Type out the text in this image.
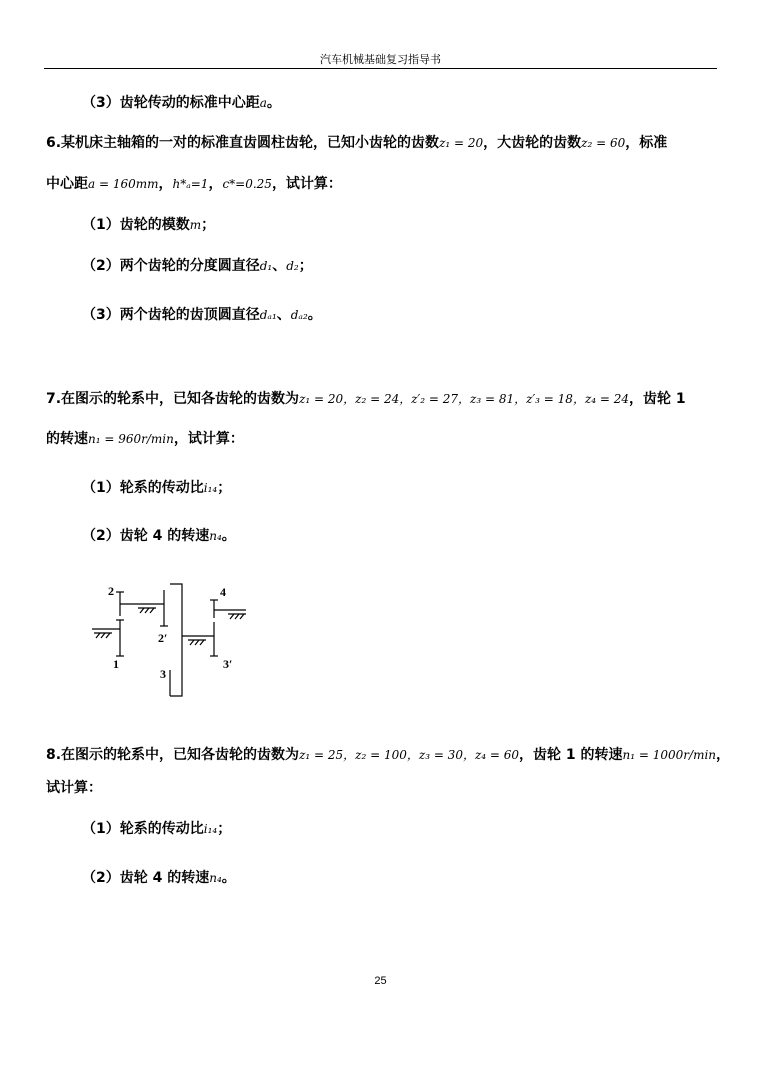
汽车机械基础复习指导书
（3）齿轮传动的标准中心距a。
6.某机床主轴箱的一对的标准直齿圆柱齿轮，已知小齿轮的齿数z₁ = 20，大齿轮的齿数z₂ = 60，标准
中心距a = 160mm，h*ₐ=1，c*=0.25，试计算：
（1）齿轮的模数m；
（2）两个齿轮的分度圆直径d₁、d₂；
（3）两个齿轮的齿顶圆直径dₐ₁、dₐ₂。
7.在图示的轮系中，已知各齿轮的齿数为z₁ = 20，z₂ = 24，z′₂ = 27，z₃ = 81，z′₃ = 18，z₄ = 24，齿轮 1
的转速n₁ = 960r/min，试计算：
（1）轮系的传动比i₁₄；
（2）齿轮 4 的转速n₄。
2
1
2′
3
4
3′
8.在图示的轮系中，已知各齿轮的齿数为z₁ = 25，z₂ = 100，z₃ = 30，z₄ = 60，齿轮 1 的转速n₁ = 1000r/min，
试计算：
（1）轮系的传动比i₁₄；
（2）齿轮 4 的转速n₄。
25
